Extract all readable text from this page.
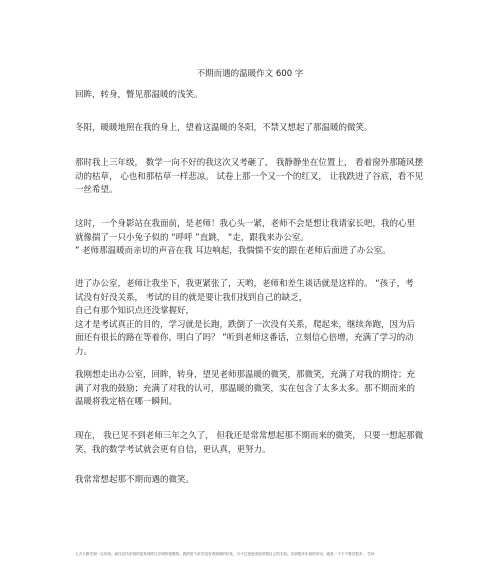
不期而遇的温暖作文 600 字

回眸，转身，瞥见那温暖的浅笑。

冬阳，暖暖地照在我的身上，望着这温暖的冬阳，不禁又想起了那温暖的微笑。

那时我上三年级， 数学一向不好的我这次又考砸了， 我静静坐在位置上， 看着窗外那随风摆
动的枯草， 心也和那枯草一样悲凉。 试卷上那一个又一个的红叉， 让我跌进了谷底，看不见
一丝希望。

这时，一个身影站在我面前，是老师！我心头一紧，老师不会是想让我请家长吧，我的心里
就像揣了一只小兔子似的 “呼呼 ”直跳， “走，跟我来办公室。
” 老师那温暖而亲切的声音在我 耳边响起，我惴惴不安的跟在老师后面进了办公室。

进了办公室，老师让我坐下，我更紧张了，天哟，老师和差生谈话就是这样的。 “孩子，考
试没有好没关系， 考试的目的就是要让我们找到自己的缺乏，
自己有那个知识点还没掌握好，
这才是考试真正的目的，学习就是长跑，跌倒了一次没有关系，爬起来，继续奔跑，因为后
面还有很长的路在等着你，明白了吗？ ”听到老师这番话，立刻信心倍增，充满了学习的动
力。

我刚想走出办公室，回眸，转身，望见老师那温暖的微笑，那微笑，充满了对我的期待；充
满了对我的鼓励；充满了对我的认可，那温暖的微笑，实在包含了太多太多。那不期而来的
温暖将我定格在哪一瞬间。

现在， 我已见不到老师三年之久了， 但我还是常常想起那不期而来的微笑， 只要一想起那微
笑，我的数学考试就会更有自信，更认真，更努力。

我常常想起那不期而遇的微笑。

人天天都学到一点东西，而往往所学到的是发现昨日学到的是错的。我的努力求学没有得到别的好处，只不过是愈来愈觉察自己的无知。学到很多东西的诀窍，就是一下子不要学很多。 学问
